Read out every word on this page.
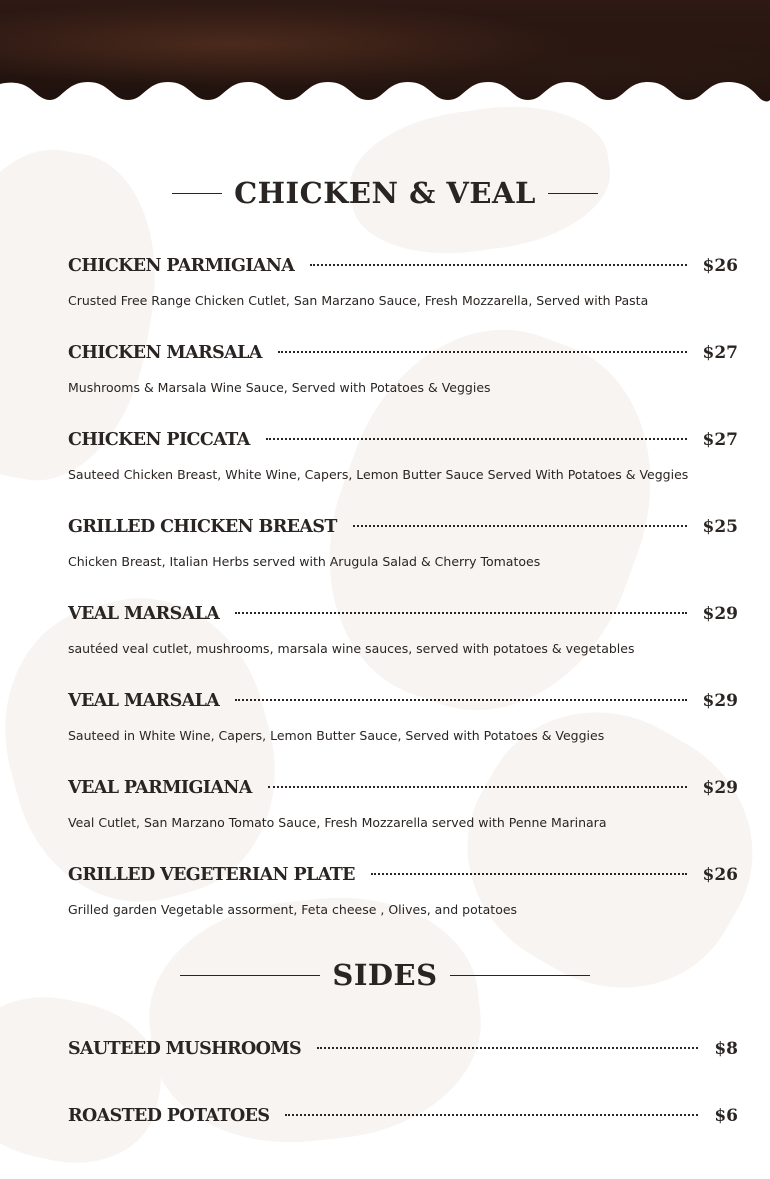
CHICKEN & VEAL
CHICKEN PARMIGIANA	$26
Crusted Free Range Chicken Cutlet, San Marzano Sauce, Fresh Mozzarella, Served with Pasta
CHICKEN MARSALA	$27
Mushrooms & Marsala Wine Sauce, Served with Potatoes & Veggies
CHICKEN PICCATA	$27
Sauteed Chicken Breast, White Wine, Capers, Lemon Butter Sauce Served With Potatoes & Veggies
GRILLED CHICKEN BREAST	$25
Chicken Breast, Italian Herbs served with Arugula Salad & Cherry Tomatoes
VEAL MARSALA	$29
sautéed veal cutlet, mushrooms, marsala wine sauces, served with potatoes & vegetables
VEAL MARSALA	$29
Sauteed in White Wine, Capers, Lemon Butter Sauce, Served with Potatoes & Veggies
VEAL PARMIGIANA	$29
Veal Cutlet, San Marzano Tomato Sauce, Fresh Mozzarella served with Penne Marinara
GRILLED VEGETERIAN PLATE	$26
Grilled garden Vegetable assorment, Feta cheese , Olives, and potatoes
SIDES
SAUTEED MUSHROOMS	$8
ROASTED POTATOES	$6
